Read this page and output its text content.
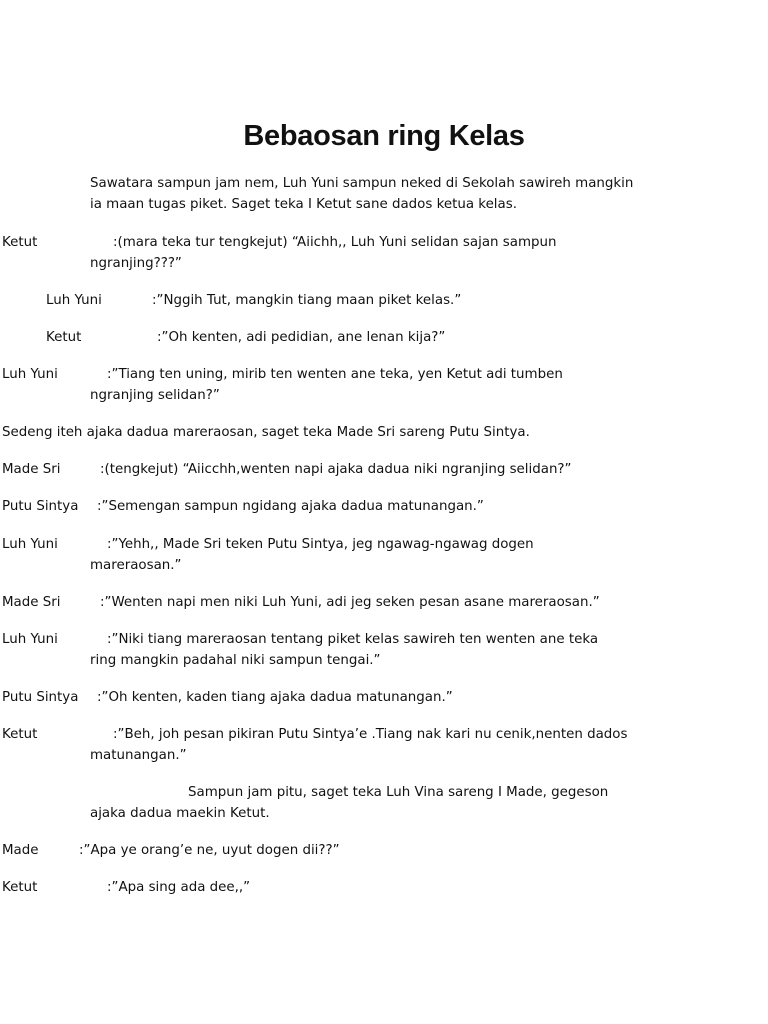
Bebaosan ring Kelas
Sawatara sampun jam nem, Luh Yuni sampun neked di Sekolah sawireh mangkin
ia maan tugas piket. Saget teka I Ketut sane dados ketua kelas.
Ketut	:(mara teka tur tengkejut) “Aiichh,, Luh Yuni selidan sajan sampun
ngranjing???”
Luh Yuni	:”Nggih Tut, mangkin tiang maan piket kelas.”
Ketut	:”Oh kenten, adi pedidian, ane lenan kija?”
Luh Yuni	:”Tiang ten uning, mirib ten wenten ane teka, yen Ketut adi tumben
ngranjing selidan?”
Sedeng iteh ajaka dadua mareraosan, saget teka Made Sri sareng Putu Sintya.
Made Sri	:(tengkejut) “Aiicchh,wenten napi ajaka dadua niki ngranjing selidan?”
Putu Sintya :”Semengan sampun ngidang ajaka dadua matunangan.”
Luh Yuni	:”Yehh,, Made Sri teken Putu Sintya, jeg ngawag-ngawag dogen
mareraosan.”
Made Sri	:”Wenten napi men niki Luh Yuni, adi jeg seken pesan asane mareraosan.”
Luh Yuni	:”Niki tiang mareraosan tentang piket kelas sawireh ten wenten ane teka
ring mangkin padahal niki sampun tengai.”
Putu Sintya :”Oh kenten, kaden tiang ajaka dadua matunangan.”
Ketut	:”Beh, joh pesan pikiran Putu Sintya’e .Tiang nak kari nu cenik,nenten dados
matunangan.”
Sampun jam pitu, saget teka Luh Vina sareng I Made, gegeson
ajaka dadua maekin Ketut.
Made	:”Apa ye orang’e ne, uyut dogen dii??”
Ketut	:”Apa sing ada dee,,”
